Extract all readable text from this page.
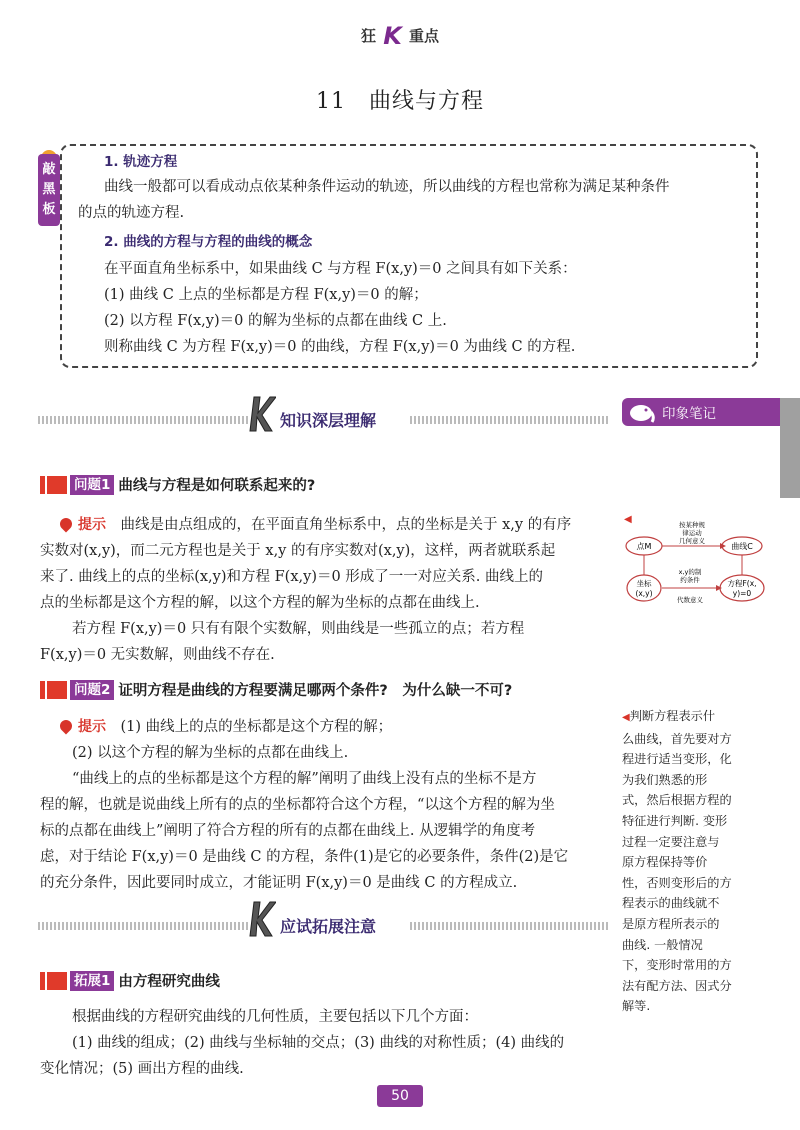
狂 K 重点
11　曲线与方程
敲黑板
1. 轨迹方程
曲线一般都可以看成动点依某种条件运动的轨迹，所以曲线的方程也常称为满足某种条件
的点的轨迹方程.
2. 曲线的方程与方程的曲线的概念
在平面直角坐标系中，如果曲线 C 与方程 F(x,y)＝0 之间具有如下关系：
(1) 曲线 C 上点的坐标都是方程 F(x,y)＝0 的解；
(2) 以方程 F(x,y)＝0 的解为坐标的点都在曲线 C 上.
则称曲线 C 为方程 F(x,y)＝0 的曲线，方程 F(x,y)＝0 为曲线 C 的方程.
知识深层理解	印象笔记
问题1 曲线与方程是如何联系起来的?
提示　 曲线是由点组成的，在平面直角坐标系中，点的坐标是关于 x,y 的有序
实数对(x,y)，而二元方程也是关于 x,y 的有序实数对(x,y)，这样，两者就联系起
来了. 曲线上的点的坐标(x,y)和方程 F(x,y)＝0 形成了一一对应关系. 曲线上的
点的坐标都是这个方程的解，以这个方程的解为坐标的点都在曲线上.
若方程 F(x,y)＝0 只有有限个实数解，则曲线是一些孤立的点；若方程
F(x,y)＝0 无实数解，则曲线不存在.
◀
点M	曲线C
按某种规
律运动
几何意义
坐标
(x,y)
方程F(x,
y)=0
x,y的制
约条件
代数意义
问题2 证明方程是曲线的方程要满足哪两个条件?　为什么缺一不可?
提示　 (1) 曲线上的点的坐标都是这个方程的解；
(2) 以这个方程的解为坐标的点都在曲线上.
“曲线上的点的坐标都是这个方程的解”阐明了曲线上没有点的坐标不是方
程的解，也就是说曲线上所有的点的坐标都符合这个方程，“以这个方程的解为坐
标的点都在曲线上”阐明了符合方程的所有的点都在曲线上. 从逻辑学的角度考
虑，对于结论 F(x,y)＝0 是曲线 C 的方程，条件(1)是它的必要条件，条件(2)是它
的充分条件，因此要同时成立，才能证明 F(x,y)＝0 是曲线 C 的方程成立.
◀判断方程表示什
么曲线，首先要对方
程进行适当变形，化
为我们熟悉的形
式，然后根据方程的
特征进行判断. 变形
过程一定要注意与
原方程保持等价
性，否则变形后的方
程表示的曲线就不
是原方程所表示的
曲线. 一般情况
下，变形时常用的方
法有配方法、因式分
解等.
应试拓展注意
拓展1 由方程研究曲线
根据曲线的方程研究曲线的几何性质，主要包括以下几个方面：
(1) 曲线的组成；(2) 曲线与坐标轴的交点；(3) 曲线的对称性质；(4) 曲线的
变化情况；(5) 画出方程的曲线.
50
